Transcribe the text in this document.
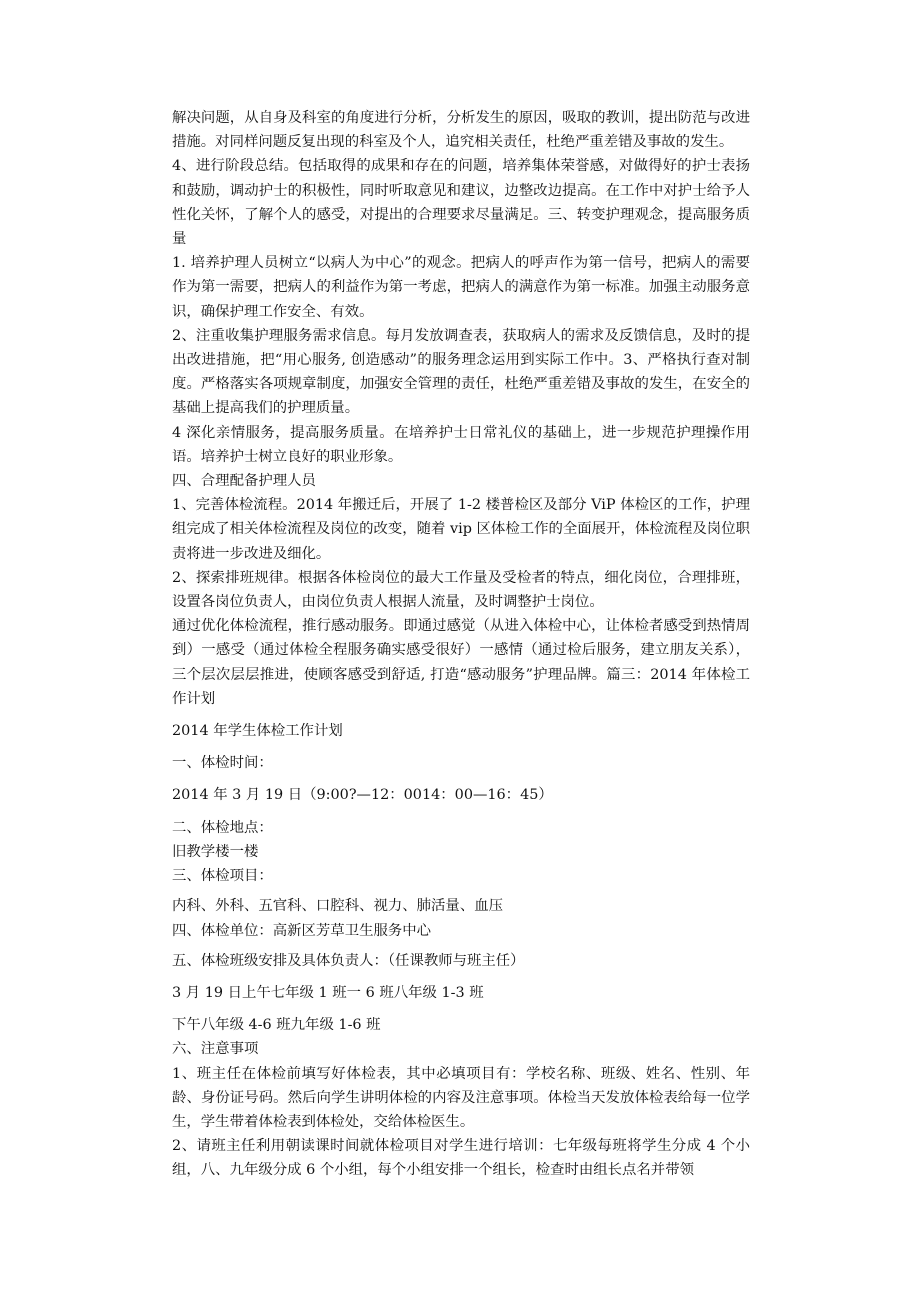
解决问题，从自身及科室的角度进行分析，分析发生的原因，吸取的教训，提出防范与改进措施。对同样问题反复出现的科室及个人，追究相关责任，杜绝严重差错及事故的发生。

4、进行阶段总结。包括取得的成果和存在的问题，培养集体荣誉感，对做得好的护士表扬和鼓励，调动护士的积极性，同时听取意见和建议，边整改边提高。在工作中对护士给予人性化关怀，了解个人的感受，对提出的合理要求尽量满足。三、转变护理观念，提高服务质量

1. 培养护理人员树立“以病人为中心”的观念。把病人的呼声作为第一信号，把病人的需要作为第一需要，把病人的利益作为第一考虑，把病人的满意作为第一标准。加强主动服务意识，确保护理工作安全、有效。

2、注重收集护理服务需求信息。每月发放调查表，获取病人的需求及反馈信息，及时的提出改进措施，把“用心服务, 创造感动”的服务理念运用到实际工作中。3、严格执行查对制度。严格落实各项规章制度，加强安全管理的责任，杜绝严重差错及事故的发生，在安全的基础上提高我们的护理质量。

4 深化亲情服务，提高服务质量。在培养护士日常礼仪的基础上，进一步规范护理操作用语。培养护士树立良好的职业形象。

四、合理配备护理人员

1、完善体检流程。2014 年搬迁后，开展了 1-2 楼普检区及部分 ViP 体检区的工作，护理组完成了相关体检流程及岗位的改变，随着 vip 区体检工作的全面展开，体检流程及岗位职责将进一步改进及细化。

2、探索排班规律。根据各体检岗位的最大工作量及受检者的特点，细化岗位，合理排班，设置各岗位负责人，由岗位负责人根据人流量，及时调整护士岗位。

通过优化体检流程，推行感动服务。即通过感觉（从进入体检中心，让体检者感受到热情周到）一感受（通过体检全程服务确实感受很好）一感情（通过检后服务，建立朋友关系），三个层次层层推进，使顾客感受到舒适, 打造“感动服务”护理品牌。篇三：2014 年体检工作计划

2014 年学生体检工作计划

一、体检时间：

2014 年 3 月 19 日（9:00?—12：0014：00—16：45）

二、体检地点：

旧教学楼一楼

三、体检项目：

内科、外科、五官科、口腔科、视力、肺活量、血压

四、体检单位：高新区芳草卫生服务中心

五、体检班级安排及具体负责人：（任课教师与班主任）

3 月 19 日上午七年级 1 班一 6 班八年级 1-3 班

下午八年级 4-6 班九年级 1-6 班

六、注意事项

1、班主任在体检前填写好体检表，其中必填项目有：学校名称、班级、姓名、性别、年龄、身份证号码。然后向学生讲明体检的内容及注意事项。体检当天发放体检表给每一位学生，学生带着体检表到体检处，交给体检医生。

2、请班主任利用朝读课时间就体检项目对学生进行培训：七年级每班将学生分成 4 个小组，八、九年级分成 6 个小组，每个小组安排一个组长，检查时由组长点名并带领
